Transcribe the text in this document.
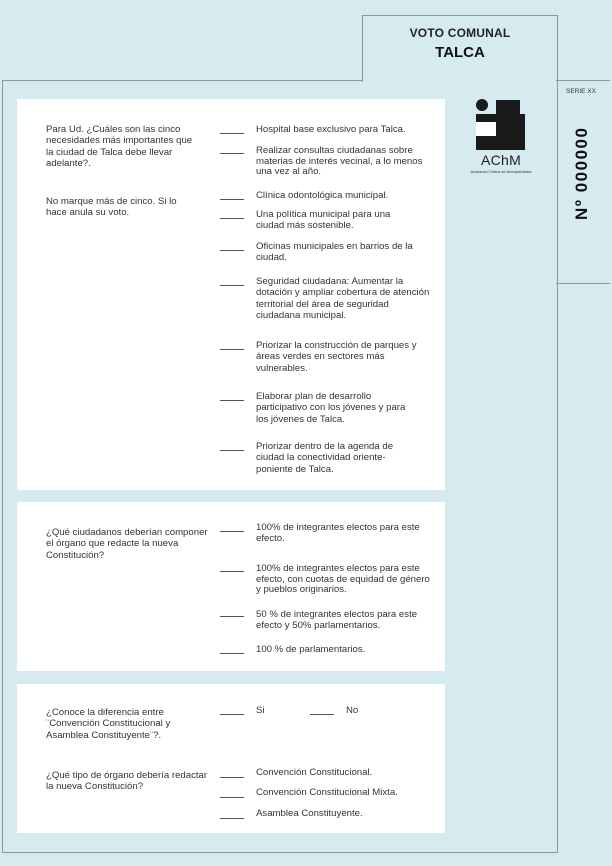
VOTO COMUNAL
TALCA
SERIE XX
Nº 000000
Para Ud. ¿Cuáles son las cinco necesidades más importantes que la ciudad de Talca debe llevar adelante?.
No marque más de cinco. Si lo hace anula su voto.
AChM
Asociación Chilena de Municipalidades
Hospital base exclusivo para Talca.
Realizar consultas ciudadanas sobre materias de interés vecinal, a lo menos una vez al año.
Clínica odontológica municipal.
Una política municipal para una ciudad más sostenible.
Oficinas municipales en barrios de la ciudad.
Seguridad ciudadana: Aumentar la dotación y ampliar cobertura de atención territorial del área de seguridad ciudadana municipal.
Priorizar la construcción de parques y áreas verdes en sectores más vulnerables.
Elaborar plan de desarrollo participativo con los jóvenes y para los jóvenes de Talca.
Priorizar dentro de la agenda de ciudad la conectividad oriente-poniente de Talca.
¿Qué ciudadanos deberían componer el órgano que redacte la nueva Constitución?
100% de integrantes electos para este efecto.
100% de integrantes electos para este efecto, con cuotas de equidad de género y pueblos originarios.
50 % de integrantes electos para este efecto y 50% parlamentarios.
100 % de parlamentarios.
¿Conoce la diferencia entre ¨Convención Constitucional y Asamblea Constituyente¨?.
Si	No
¿Qué tipo de órgano debería redactar la nueva Constitución?
Convención Constitucional.
Convención Constitucional Mixta.
Asamblea Constituyente.
